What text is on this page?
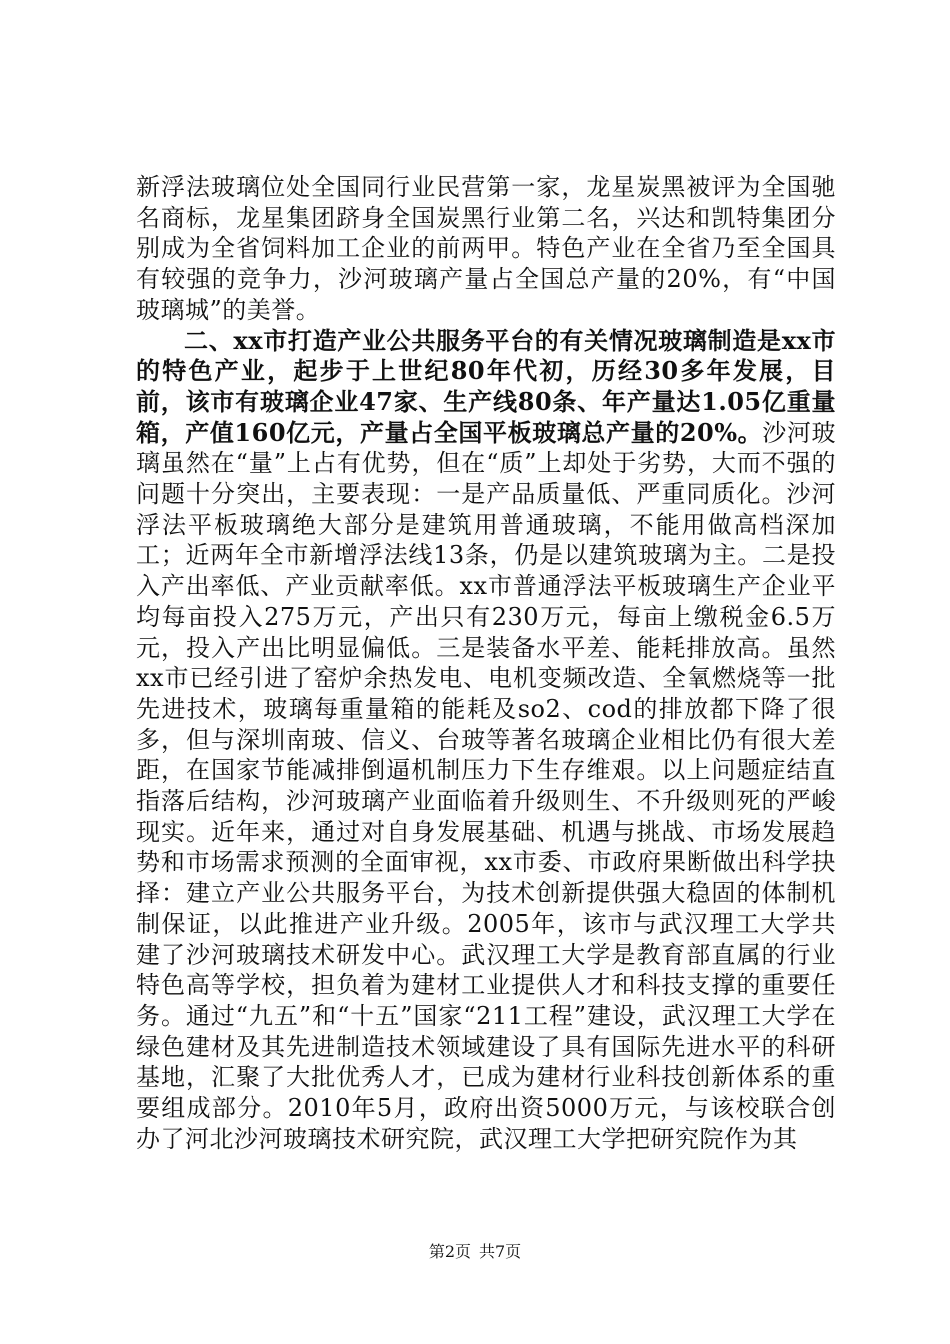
新浮法玻璃位处全国同行业民营第一家，龙星炭黑被评为全国驰名商标，龙星集团跻身全国炭黑行业第二名，兴达和凯特集团分别成为全省饲料加工企业的前两甲。特色产业在全省乃至全国具有较强的竞争力，沙河玻璃产量占全国总产量的20%，有“中国玻璃城”的美誉。

二、xx市打造产业公共服务平台的有关情况玻璃制造是xx市的特色产业，起步于上世纪80年代初，历经30多年发展，目前，该市有玻璃企业47家、生产线80条、年产量达1.05亿重量箱，产值160亿元，产量占全国平板玻璃总产量的20%。沙河玻璃虽然在“量”上占有优势，但在“质”上却处于劣势，大而不强的问题十分突出，主要表现：一是产品质量低、严重同质化。沙河浮法平板玻璃绝大部分是建筑用普通玻璃，不能用做高档深加工；近两年全市新增浮法线13条，仍是以建筑玻璃为主。二是投入产出率低、产业贡献率低。xx市普通浮法平板玻璃生产企业平均每亩投入275万元，产出只有230万元，每亩上缴税金6.5万元，投入产出比明显偏低。三是装备水平差、能耗排放高。虽然xx市已经引进了窑炉余热发电、电机变频改造、全氧燃烧等一批先进技术，玻璃每重量箱的能耗及so2、cod的排放都下降了很多，但与深圳南玻、信义、台玻等著名玻璃企业相比仍有很大差距，在国家节能减排倒逼机制压力下生存维艰。以上问题症结直指落后结构，沙河玻璃产业面临着升级则生、不升级则死的严峻现实。近年来，通过对自身发展基础、机遇与挑战、市场发展趋势和市场需求预测的全面审视，xx市委、市政府果断做出科学抉择：建立产业公共服务平台，为技术创新提供强大稳固的体制机制保证，以此推进产业升级。2005年，该市与武汉理工大学共建了沙河玻璃技术研发中心。武汉理工大学是教育部直属的行业特色高等学校，担负着为建材工业提供人才和科技支撑的重要任务。通过“九五”和“十五”国家“211工程”建设，武汉理工大学在绿色建材及其先进制造技术领域建设了具有国际先进水平的科研基地，汇聚了大批优秀人才，已成为建材行业科技创新体系的重要组成部分。2010年5月，政府出资5000万元，与该校联合创办了河北沙河玻璃技术研究院，武汉理工大学把研究院作为其

第2页 共7页
